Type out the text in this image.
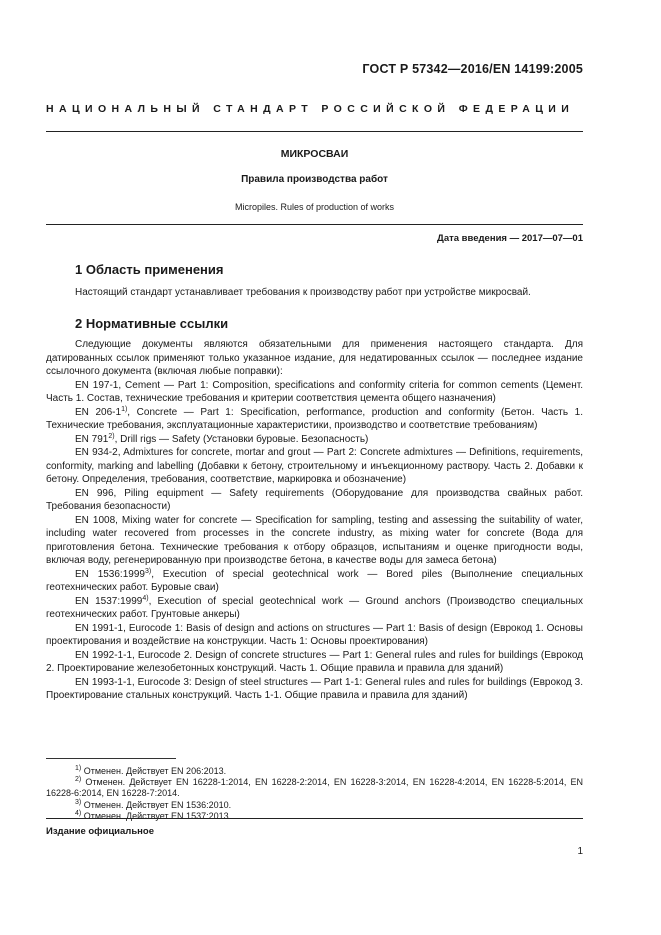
ГОСТ Р 57342—2016/EN 14199:2005
НАЦИОНАЛЬНЫЙ СТАНДАРТ РОССИЙСКОЙ ФЕДЕРАЦИИ
МИКРОСВАИ
Правила производства работ
Micropiles. Rules of production of works
Дата введения — 2017—07—01
1 Область применения

Настоящий стандарт устанавливает требования к производству работ при устройстве микросвай.

2 Нормативные ссылки

Следующие документы являются обязательными для применения настоящего стандарта. Для датированных ссылок применяют только указанное издание, для недатированных ссылок — последнее издание ссылочного документа (включая любые поправки):

EN 197-1, Cement — Part 1: Composition, specifications and conformity criteria for common cements (Цемент. Часть 1. Состав, технические требования и критерии соответствия цемента общего назначения)

EN 206-1$^{1)}$, Concrete — Part 1: Specification, performance, production and conformity (Бетон. Часть 1. Технические требования, эксплуатационные характеристики, производство и соответствие требованиям)

EN 791$^{2)}$, Drill rigs — Safety (Установки буровые. Безопасность)

EN 934-2, Admixtures for concrete, mortar and grout — Part 2: Concrete admixtures — Definitions, requirements, conformity, marking and labelling (Добавки к бетону, строительному и инъекционному раствору. Часть 2. Добавки к бетону. Определения, требования, соответствие, маркировка и обозначение)

EN 996, Piling equipment — Safety requirements (Оборудование для производства свайных работ. Требования безопасности)

EN 1008, Mixing water for concrete — Specification for sampling, testing and assessing the suitability of water, including water recovered from processes in the concrete industry, as mixing water for concrete (Вода для приготовления бетона. Технические требования к отбору образцов, испытаниям и оценке пригодности воды, включая воду, регенерированную при производстве бетона, в качестве воды для замеса бетона)

EN 1536:1999$^{3)}$, Execution of special geotechnical work — Bored piles (Выполнение специальных геотехнических работ. Буровые сваи)

EN 1537:1999$^{4)}$, Execution of special geotechnical work — Ground anchors (Производство специальных геотехнических работ. Грунтовые анкеры)

EN 1991-1, Eurocode 1: Basis of design and actions on structures — Part 1: Basis of design (Еврокод 1. Основы проектирования и воздействие на конструкции. Часть 1: Основы проектирования)

EN 1992-1-1, Eurocode 2. Design of concrete structures — Part 1: General rules and rules for buildings (Еврокод 2. Проектирование железобетонных конструкций. Часть 1. Общие правила и правила для зданий)

EN 1993-1-1, Eurocode 3: Design of steel structures — Part 1-1: General rules and rules for buildings (Еврокод 3. Проектирование стальных конструкций. Часть 1-1. Общие правила и правила для зданий)

$^{1)}$ Отменен. Действует EN 206:2013.

$^{2)}$ Отменен. Действует EN 16228-1:2014, EN 16228-2:2014, EN 16228-3:2014, EN 16228-4:2014, EN 16228-5:2014, EN 16228-6:2014, EN 16228-7:2014.

$^{3)}$ Отменен. Действует EN 1536:2010.

$^{4)}$ Отменен. Действует EN 1537:2013.

Издание официальное
1
